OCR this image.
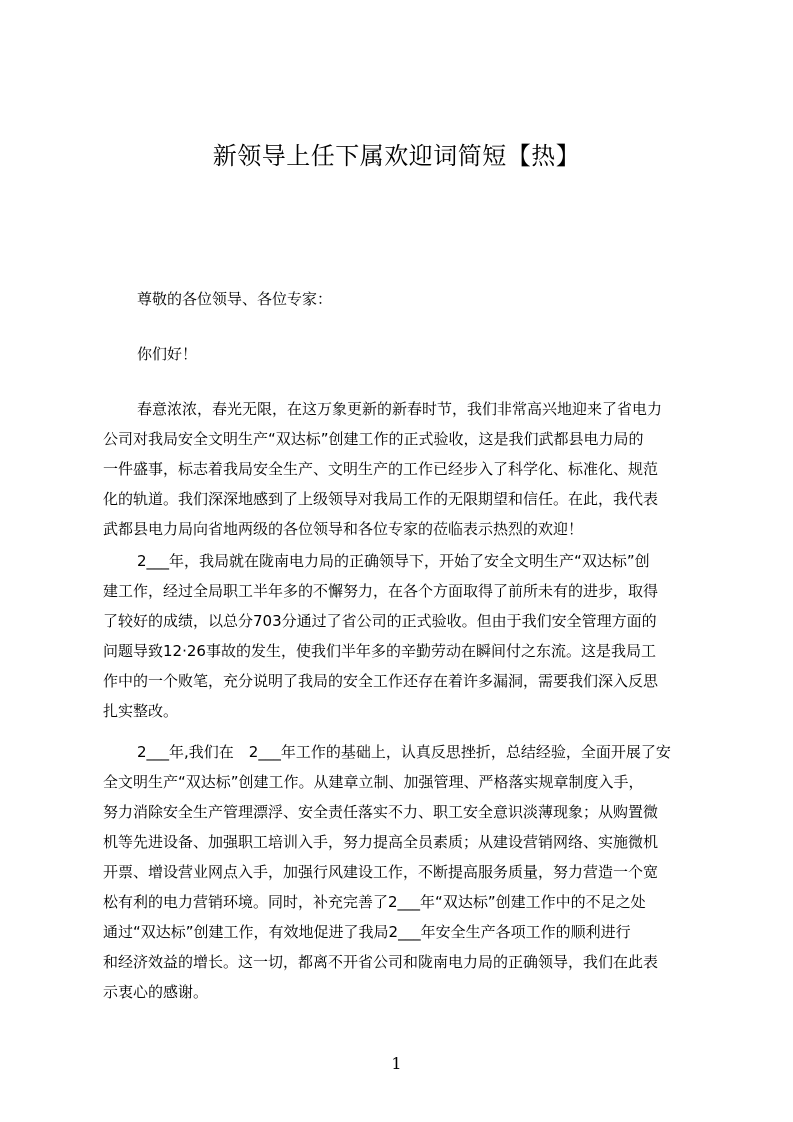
新领导上任下属欢迎词简短【热】
尊敬的各位领导、各位专家：
你们好！
春意浓浓，春光无限，在这万象更新的新春时节，我们非常高兴地迎来了省电力
公司对我局安全文明生产“双达标”创建工作的正式验收，这是我们武都县电力局的
一件盛事，标志着我局安全生产、文明生产的工作已经步入了科学化、标准化、规范
化的轨道。我们深深地感到了上级领导对我局工作的无限期望和信任。在此，我代表
武都县电力局向省地两级的各位领导和各位专家的莅临表示热烈的欢迎！
2___年，我局就在陇南电力局的正确领导下，开始了安全文明生产“双达标”创
建工作，经过全局职工半年多的不懈努力，在各个方面取得了前所未有的进步，取得
了较好的成绩，以总分703分通过了省公司的正式验收。但由于我们安全管理方面的
问题导致12·26事故的发生，使我们半年多的辛勤劳动在瞬间付之东流。这是我局工
作中的一个败笔，充分说明了我局的安全工作还存在着许多漏洞，需要我们深入反思
扎实整改。
2___年,我们在　2___年工作的基础上，认真反思挫折，总结经验，全面开展了安
全文明生产“双达标”创建工作。从建章立制、加强管理、严格落实规章制度入手，
努力消除安全生产管理漂浮、安全责任落实不力、职工安全意识淡薄现象；从购置微
机等先进设备、加强职工培训入手，努力提高全员素质；从建设营销网络、实施微机
开票、增设营业网点入手，加强行风建设工作，不断提高服务质量，努力营造一个宽
松有利的电力营销环境。同时，补充完善了2___年“双达标”创建工作中的不足之处
通过“双达标”创建工作，有效地促进了我局2___年安全生产各项工作的顺利进行
和经济效益的增长。这一切，都离不开省公司和陇南电力局的正确领导，我们在此表
示衷心的感谢。
1
